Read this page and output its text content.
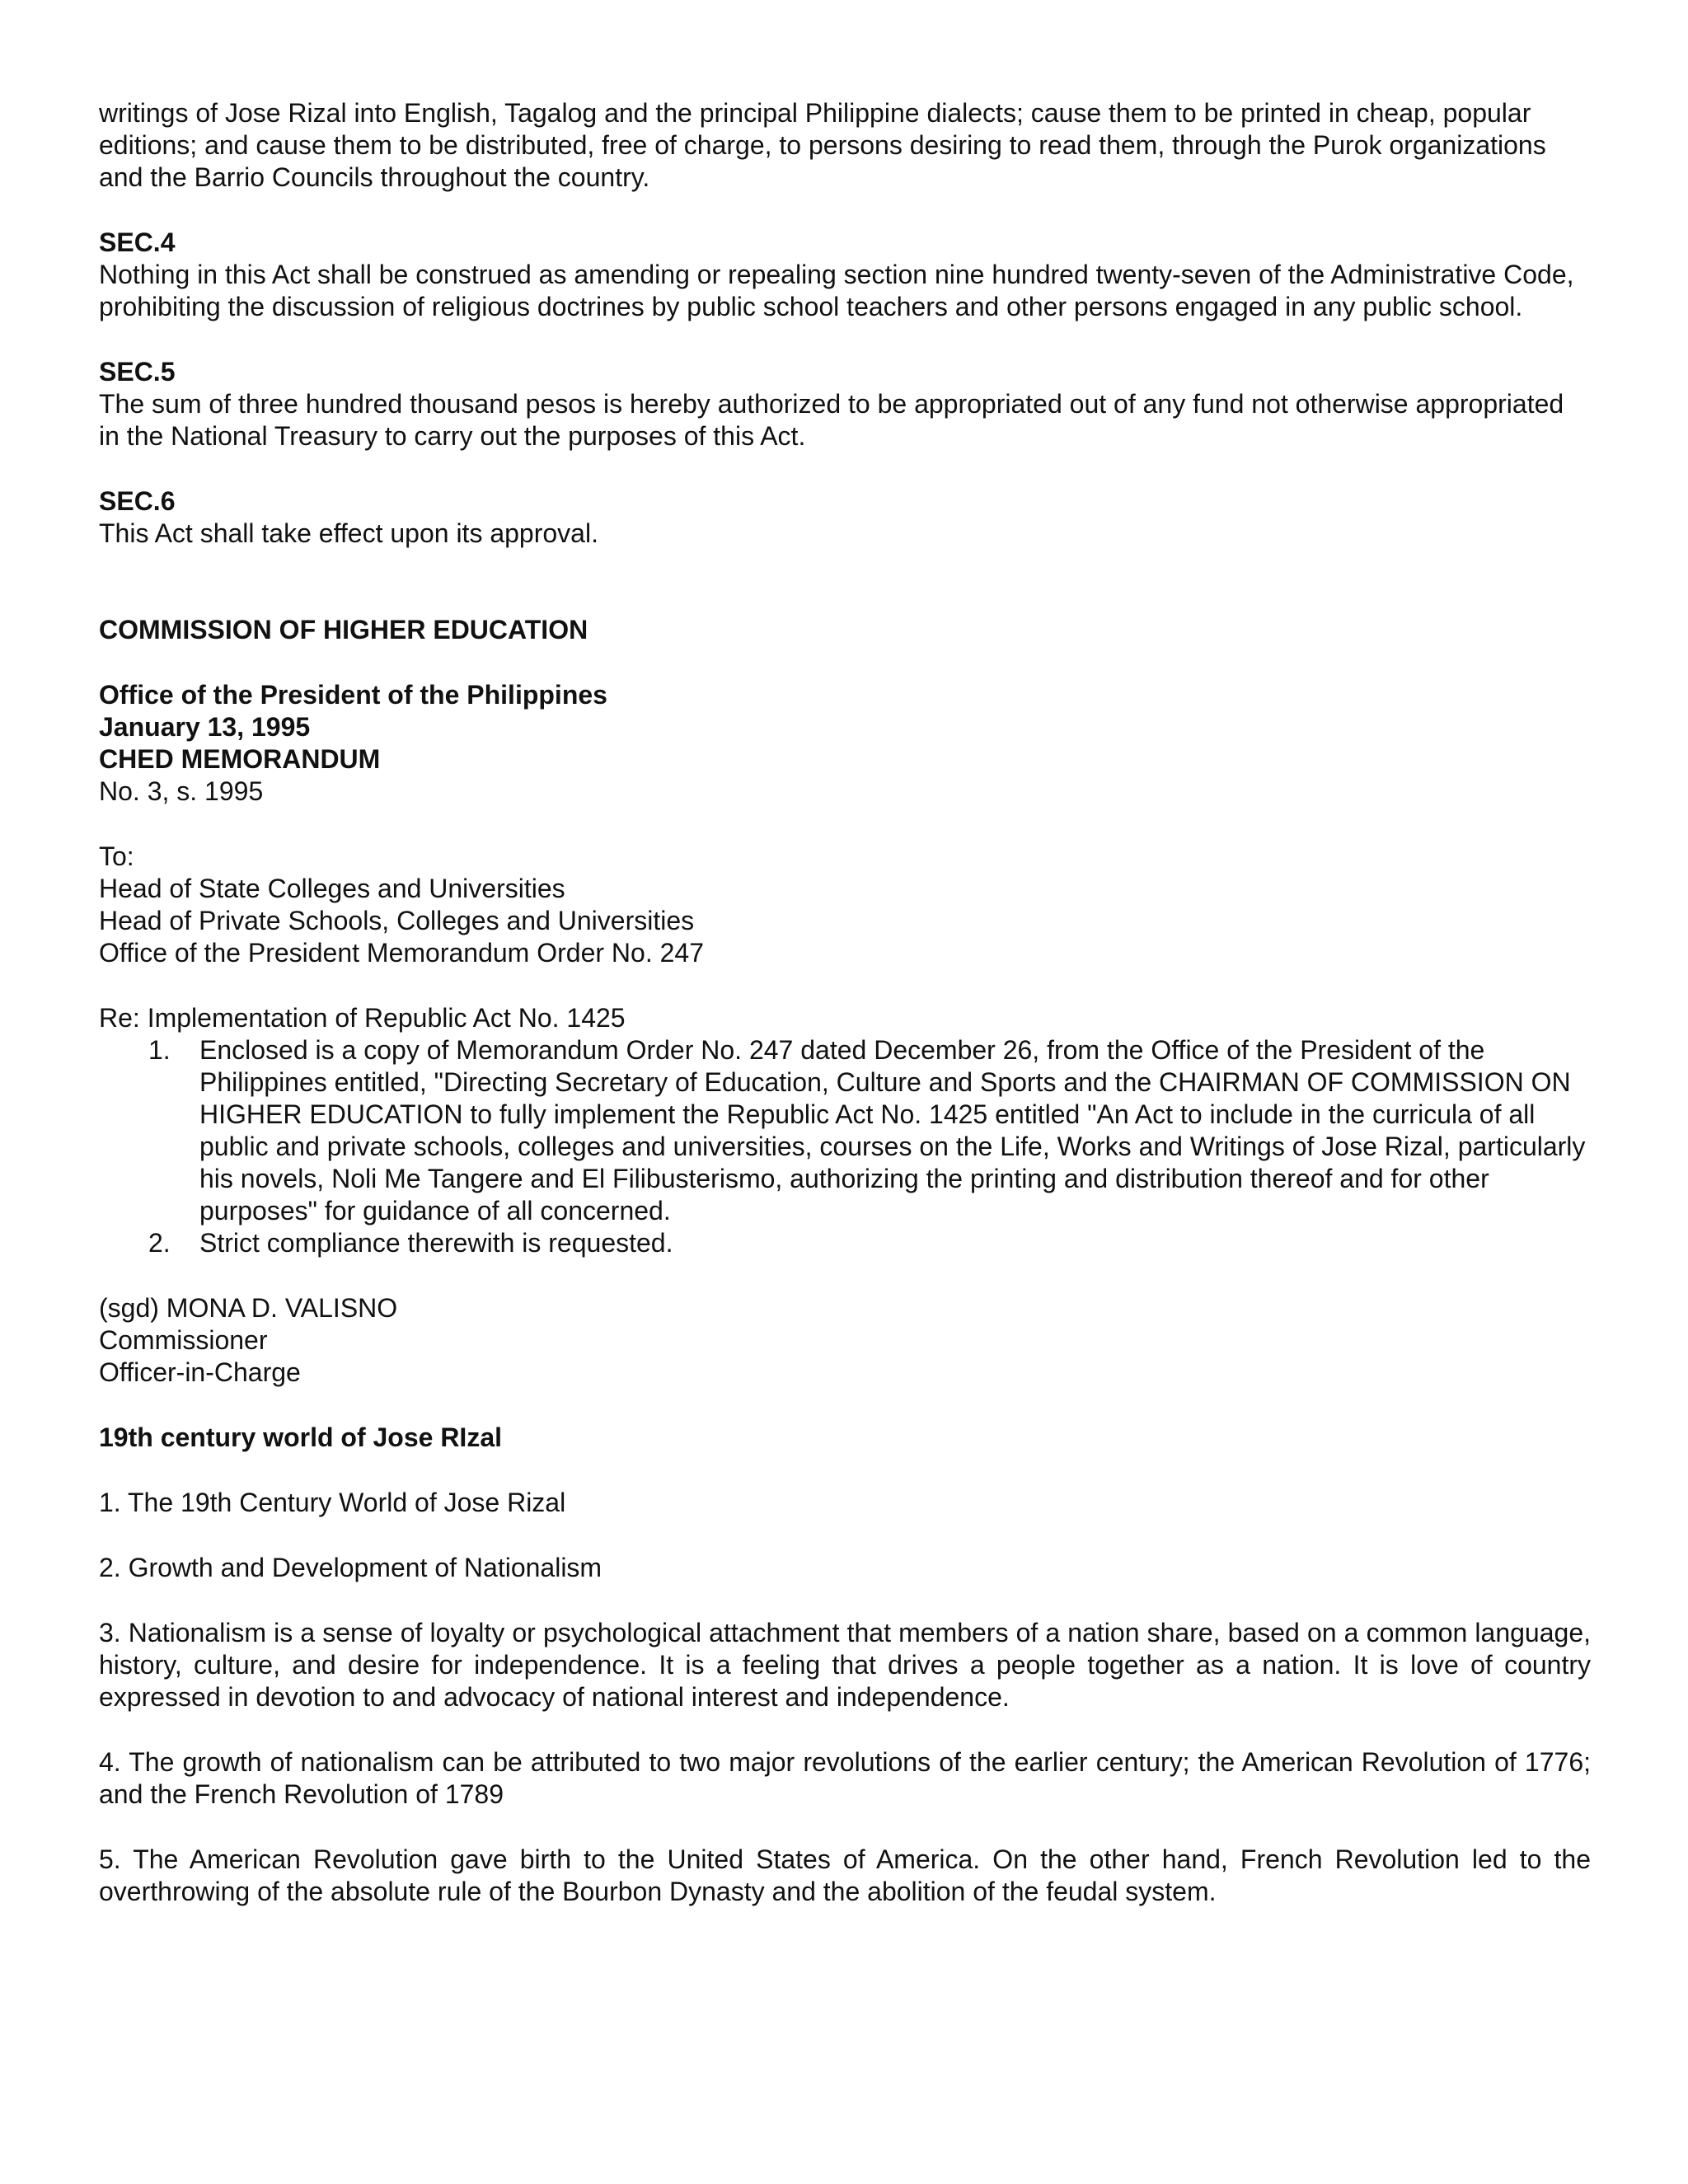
writings of Jose Rizal into English, Tagalog and the principal Philippine dialects; cause them to be printed in cheap, popular editions; and cause them to be distributed, free of charge, to persons desiring to read them, through the Purok organizations and the Barrio Councils throughout the country.

SEC.4

Nothing in this Act shall be construed as amending or repealing section nine hundred twenty-seven of the Administrative Code, prohibiting the discussion of religious doctrines by public school teachers and other persons engaged in any public school.

SEC.5

The sum of three hundred thousand pesos is hereby authorized to be appropriated out of any fund not otherwise appropriated in the National Treasury to carry out the purposes of this Act.

SEC.6

This Act shall take effect upon its approval.

COMMISSION OF HIGHER EDUCATION

Office of the President of the Philippines

January 13, 1995

CHED MEMORANDUM

No. 3, s. 1995

To:

Head of State Colleges and Universities

Head of Private Schools, Colleges and Universities

Office of the President Memorandum Order No. 247

Re: Implementation of Republic Act No. 1425

1. Enclosed is a copy of Memorandum Order No. 247 dated December 26, from the Office of the President of the Philippines entitled, "Directing Secretary of Education, Culture and Sports and the CHAIRMAN OF COMMISSION ON HIGHER EDUCATION to fully implement the Republic Act No. 1425 entitled "An Act to include in the curricula of all public and private schools, colleges and universities, courses on the Life, Works and Writings of Jose Rizal, particularly his novels, Noli Me Tangere and El Filibusterismo, authorizing the printing and distribution thereof and for other purposes" for guidance of all concerned.
2. Strict compliance therewith is requested.

(sgd) MONA D. VALISNO

Commissioner

Officer-in-Charge

19th century world of Jose RIzal

1. The 19th Century World of Jose Rizal

2. Growth and Development of Nationalism

3. Nationalism is a sense of loyalty or psychological attachment that members of a nation share, based on a common language, history, culture, and desire for independence. It is a feeling that drives a people together as a nation. It is love of country expressed in devotion to and advocacy of national interest and independence.

4. The growth of nationalism can be attributed to two major revolutions of the earlier century; the American Revolution of 1776; and the French Revolution of 1789

5. The American Revolution gave birth to the United States of America. On the other hand, French Revolution led to the overthrowing of the absolute rule of the Bourbon Dynasty and the abolition of the feudal system.
